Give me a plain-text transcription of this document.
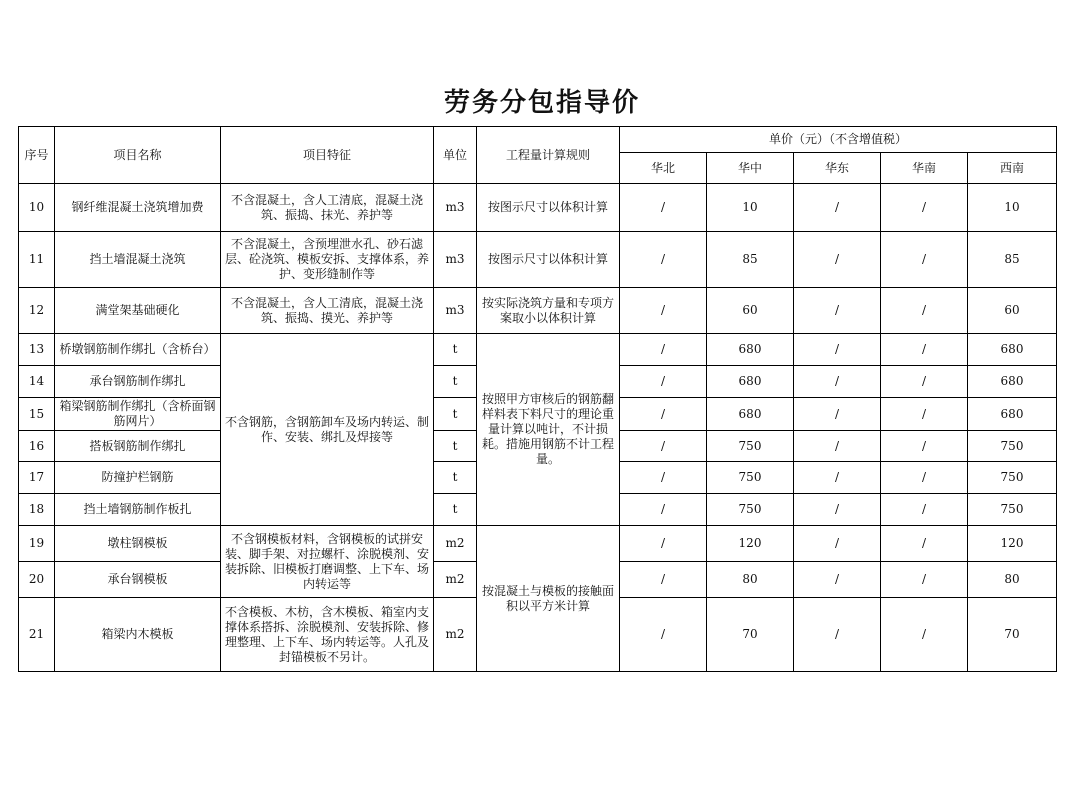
劳务分包指导价
序号	项目名称	项目特征	单位	工程量计算规则	单价（元）（不含增值税）				
					华北	华中	华东	华南	西南
10	钢纤维混凝土浇筑增加费	不含混凝土，含人工清底，混凝土浇筑、振捣、抹光、养护等	m3	按图示尺寸以体积计算	/	10	/	/	10
11	挡土墙混凝土浇筑	不含混凝土，含预埋泄水孔、砂石滤层、砼浇筑、模板安拆、支撑体系，养护、变形缝制作等	m3	按图示尺寸以体积计算	/	85	/	/	85
12	满堂架基础硬化	不含混凝土，含人工清底，混凝土浇筑、振捣、摸光、养护等	m3	按实际浇筑方量和专项方案取小以体积计算	/	60	/	/	60
13	桥墩钢筋制作绑扎（含桥台）	不含钢筋，含钢筋卸车及场内转运、制作、安装、绑扎及焊接等	t	按照甲方审核后的钢筋翻样料表下料尺寸的理论重量计算以吨计，不计损耗。措施用钢筋不计工程量。	/	680	/	/	680
14	承台钢筋制作绑扎		t		/	680	/	/	680
15	箱梁钢筋制作绑扎（含桥面钢筋网片）		t		/	680	/	/	680
16	搭板钢筋制作绑扎		t		/	750	/	/	750
17	防撞护栏钢筋		t		/	750	/	/	750
18	挡土墙钢筋制作板扎		t		/	750	/	/	750
19	墩柱钢模板	不含钢模板材料，含钢模板的试拼安装、脚手架、对拉螺杆、涂脱模剂、安装拆除、旧模板打磨调整、上下车、场内转运等	m2	按混凝土与模板的接触面积以平方米计算	/	120	/	/	120
20	承台钢模板		m2		/	80	/	/	80
21	箱梁内木模板	不含模板、木枋，含木模板、箱室内支撑体系搭拆、涂脱模剂、安装拆除、修理整理、上下车、场内转运等。人孔及封锚模板不另计。	m2		/	70	/	/	70
